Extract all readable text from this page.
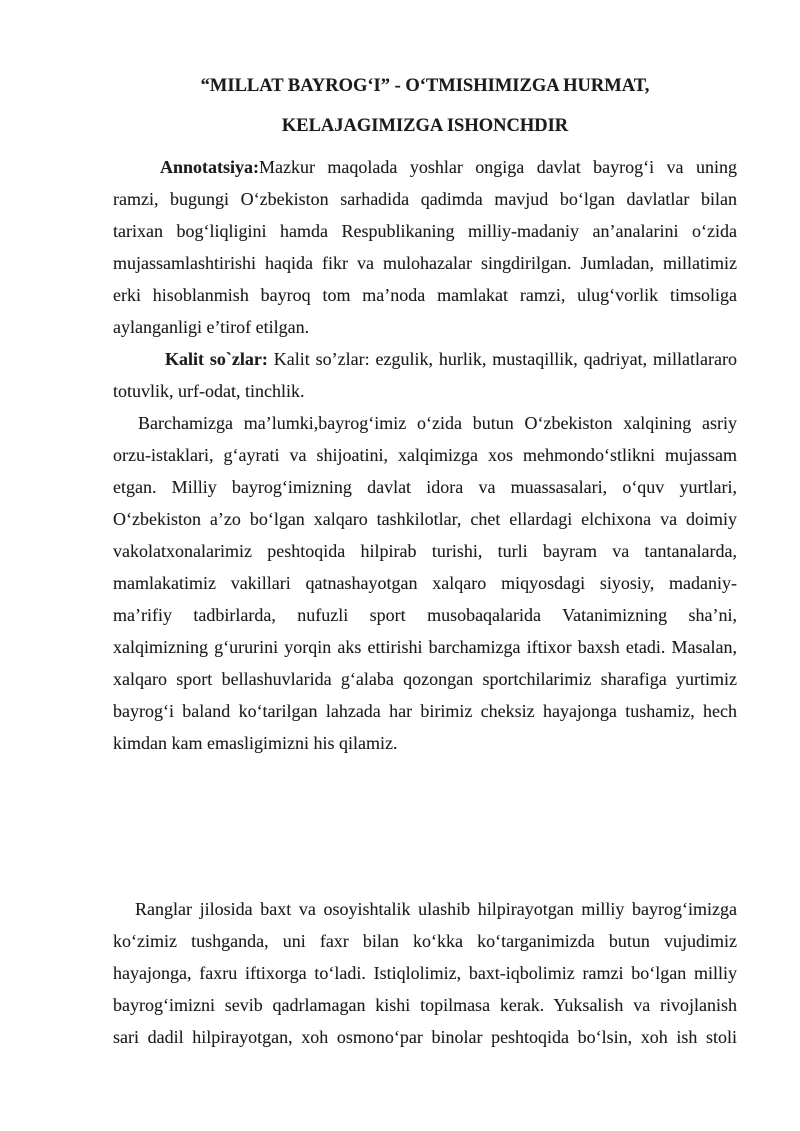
“MILLAT BAYROGʻI” - OʻTMISHIMIZGA HURMAT,
KELAJAGIMIZGA ISHONCHDIR
Annotatsiya:Mazkur maqolada yoshlar ongiga davlat bayrogʻi va uning
ramzi, bugungi Oʻzbekiston sarhadida qadimda mavjud boʻlgan davlatlar bilan
tarixan bogʻliqligini hamda Respublikaning milliy-madaniy an’analarini oʻzida
mujassamlashtirishi haqida fikr va mulohazalar singdirilgan. Jumladan, millatimiz
erki hisoblanmish bayroq tom ma’noda mamlakat ramzi, ulugʻvorlik timsoliga
aylanganligi e’tirof etilgan.
Kalit so`zlar: Kalit so’zlar: ezgulik, hurlik, mustaqillik, qadriyat, millatlararo
totuvlik, urf-odat, tinchlik.
Barchamizga ma’lumki,bayrogʻimiz oʻzida butun Oʻzbekiston xalqining asriy
orzu-istaklari, gʻayrati va shijoatini, xalqimizga xos mehmondoʻstlikni mujassam
etgan. Milliy bayrogʻimizning davlat idora va muassasalari, oʻquv yurtlari,
Oʻzbekiston a’zo boʻlgan xalqaro tashkilotlar, chet ellardagi elchixona va doimiy
vakolatxonalarimiz peshtoqida hilpirab turishi, turli bayram va tantanalarda,
mamlakatimiz vakillari qatnashayotgan xalqaro miqyosdagi siyosiy, madaniy-
ma’rifiy tadbirlarda, nufuzli sport musobaqalarida Vatanimizning sha’ni,
xalqimizning gʻururini yorqin aks ettirishi barchamizga iftixor baxsh etadi. Masalan,
xalqaro sport bellashuvlarida gʻalaba qozongan sportchilarimiz sharafiga yurtimiz
bayrogʻi baland koʻtarilgan lahzada har birimiz cheksiz hayajonga tushamiz, hech
kimdan kam emasligimizni his qilamiz.
Ranglar jilosida baxt va osoyishtalik ulashib hilpirayotgan milliy bayrogʻimizga
koʻzimiz tushganda, uni faxr bilan koʻkka koʻtarganimizda butun vujudimiz
hayajonga, faxru iftixorga toʻladi. Istiqlolimiz, baxt-iqbolimiz ramzi boʻlgan milliy
bayrogʻimizni sevib qadrlamagan kishi topilmasa kerak. Yuksalish va rivojlanish
sari dadil hilpirayotgan, xoh osmonoʻpar binolar peshtoqida boʻlsin, xoh ish stoli
